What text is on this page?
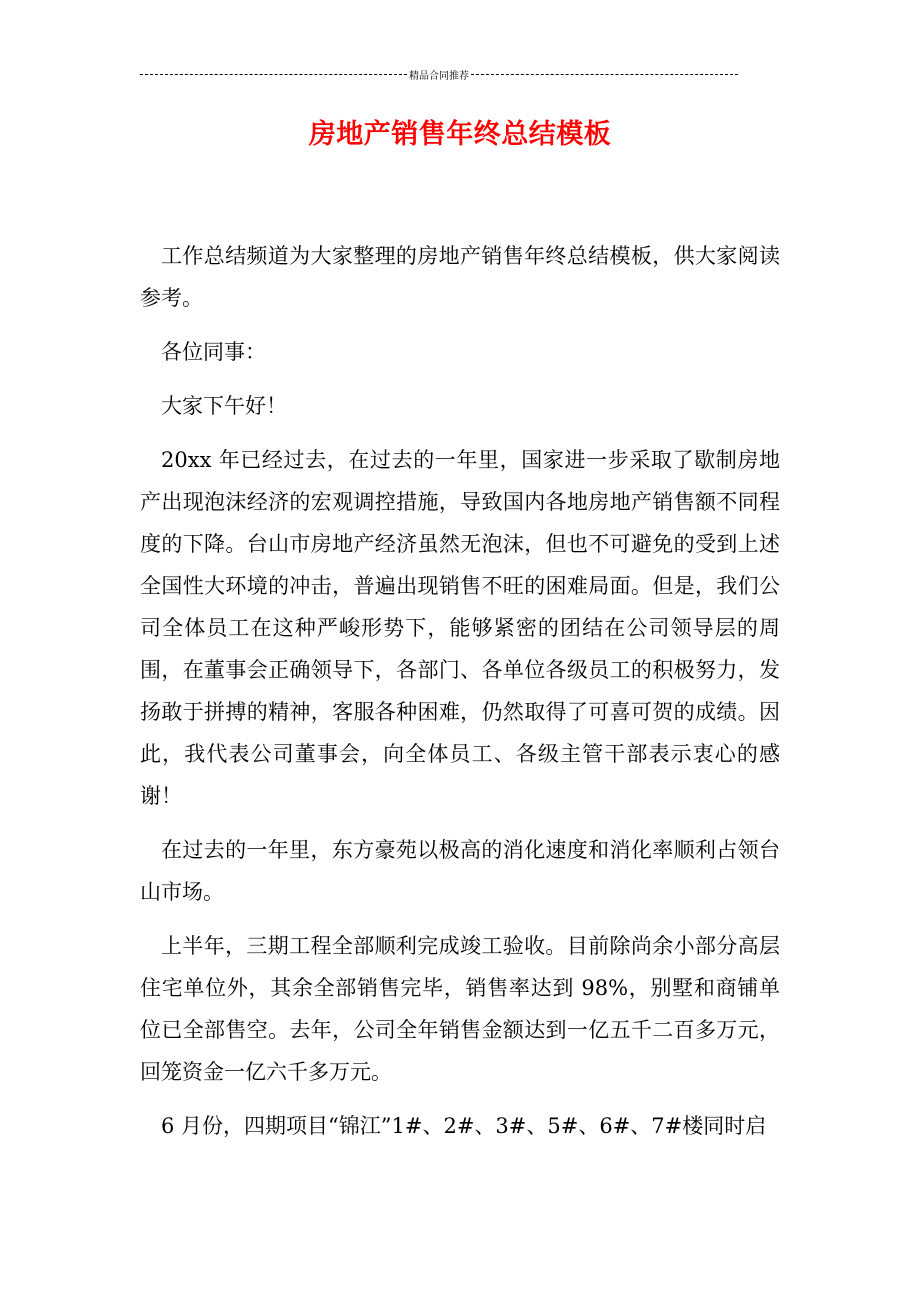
精品合同推荐
房地产销售年终总结模板

工作总结频道为大家整理的房地产销售年终总结模板，供大家阅读参考。

各位同事：

大家下午好！

20xx 年已经过去，在过去的一年里，国家进一步采取了歇制房地产出现泡沫经济的宏观调控措施，导致国内各地房地产销售额不同程度的下降。台山市房地产经济虽然无泡沫，但也不可避免的受到上述全国性大环境的冲击，普遍出现销售不旺的困难局面。但是，我们公司全体员工在这种严峻形势下，能够紧密的团结在公司领导层的周围，在董事会正确领导下，各部门、各单位各级员工的积极努力，发扬敢于拼搏的精神，客服各种困难，仍然取得了可喜可贺的成绩。因此，我代表公司董事会，向全体员工、各级主管干部表示衷心的感谢！

在过去的一年里，东方豪苑以极高的消化速度和消化率顺利占领台山市场。

上半年，三期工程全部顺利完成竣工验收。目前除尚余小部分高层住宅单位外，其余全部销售完毕，销售率达到 98%，别墅和商铺单位已全部售空。去年，公司全年销售金额达到一亿五千二百多万元，回笼资金一亿六千多万元。

6 月份，四期项目“锦江”1#、2#、3#、5#、6#、7#楼同时启
